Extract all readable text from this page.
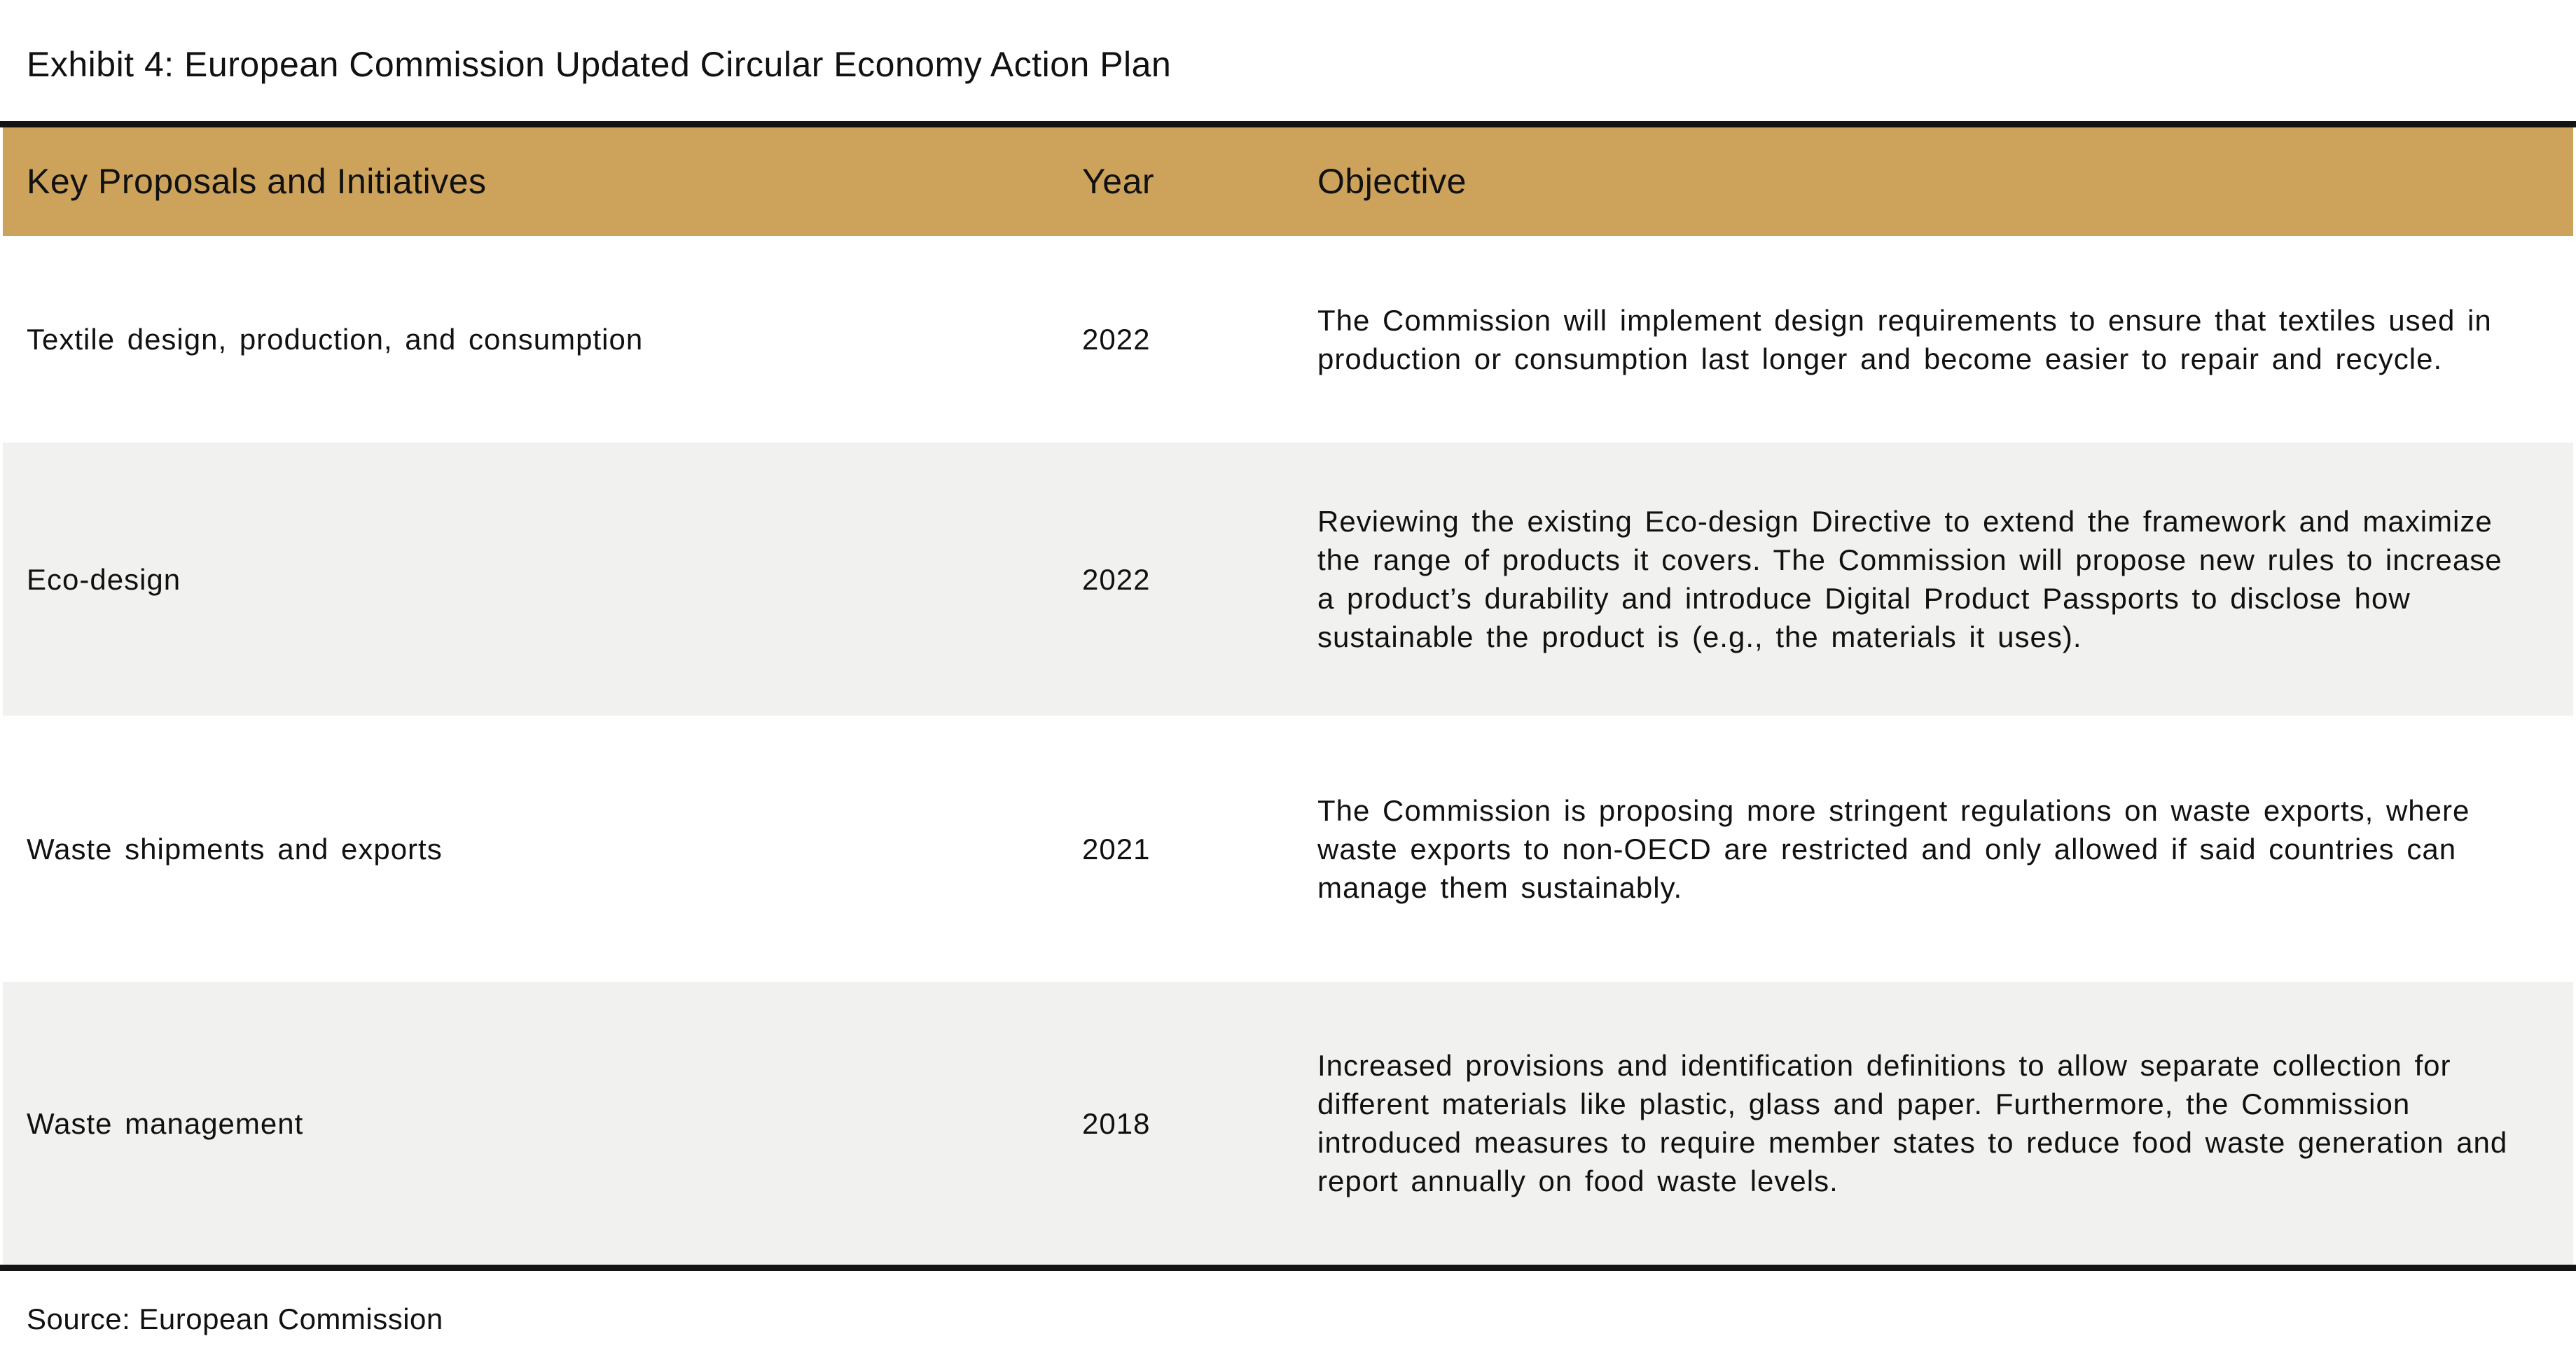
Exhibit 4: European Commission Updated Circular Economy Action Plan
Key Proposals and Initiatives	Year	Objective
Textile design, production, and consumption	2022	The Commission will implement design requirements to ensure that textiles used in production or consumption last longer and become easier to repair and recycle.
Eco-design	2022	Reviewing the existing Eco-design Directive to extend the framework and maximize the range of products it covers. The Commission will propose new rules to increase a product’s durability and introduce Digital Product Passports to disclose how sustainable the product is (e.g., the materials it uses).
Waste shipments and exports	2021	The Commission is proposing more stringent regulations on waste exports, where waste exports to non-OECD are restricted and only allowed if said countries can manage them sustainably.
Waste management	2018	Increased provisions and identification definitions to allow separate collection for different materials like plastic, glass and paper. Furthermore, the Commission introduced measures to require member states to reduce food waste generation and report annually on food waste levels.
Source: European Commission
